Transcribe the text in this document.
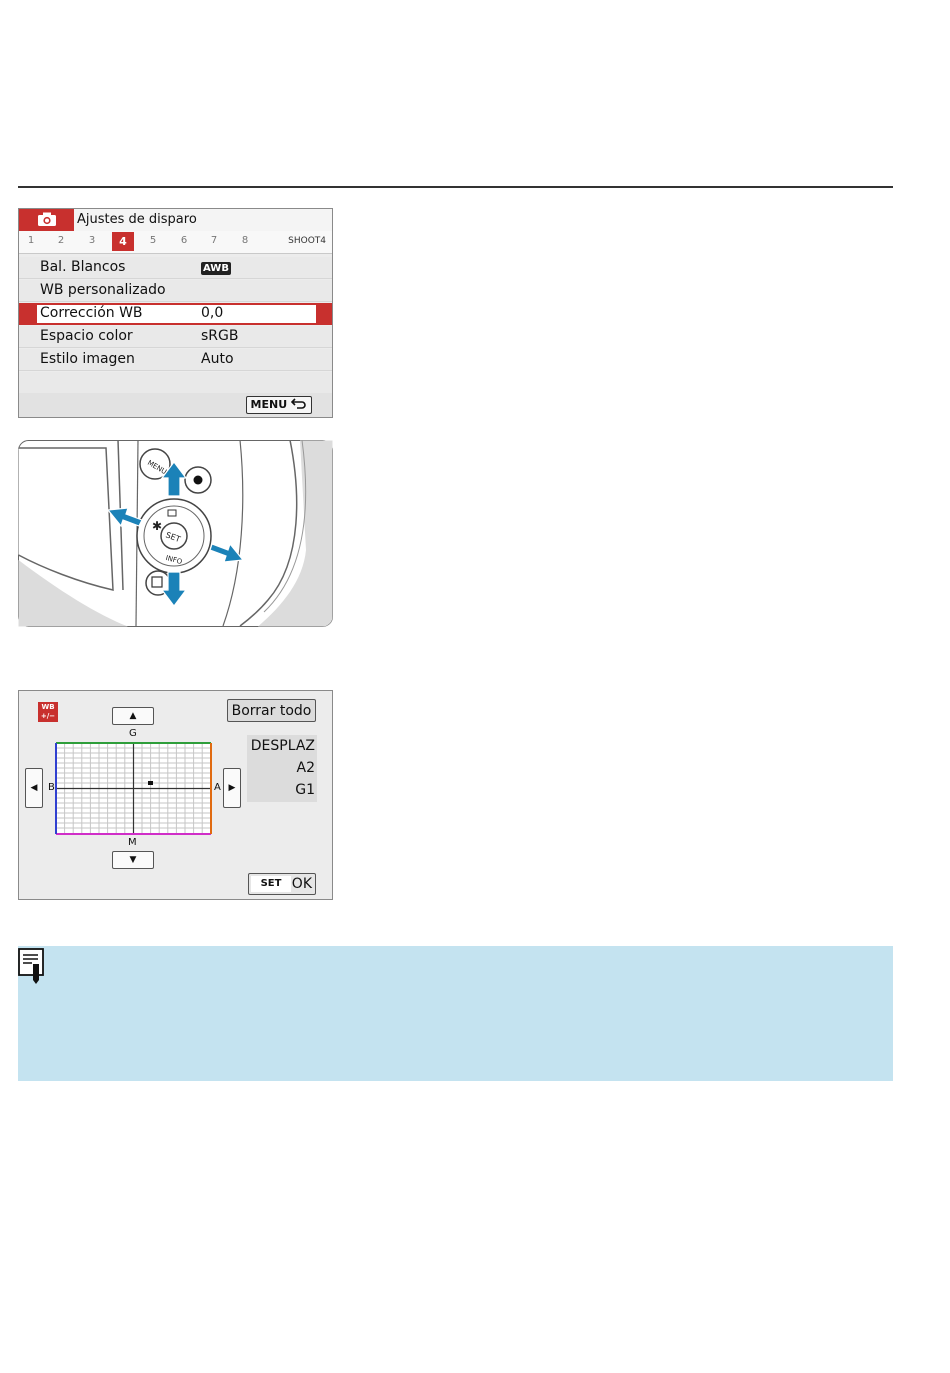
Ajustes de disparo
1	2	3	4	5	6	7	8	SHOOT4
Bal. Blancos	AWB
WB personalizado
Corrección WB	0,0
Espacio color	sRGB
Estilo imagen	Auto
MENU
MENU
SET
✱
INFO
WB
+/−	▲
G
◀	B	A ▶
M
▼
Borrar todo
DESPLAZ
A2
G1
SET OK
